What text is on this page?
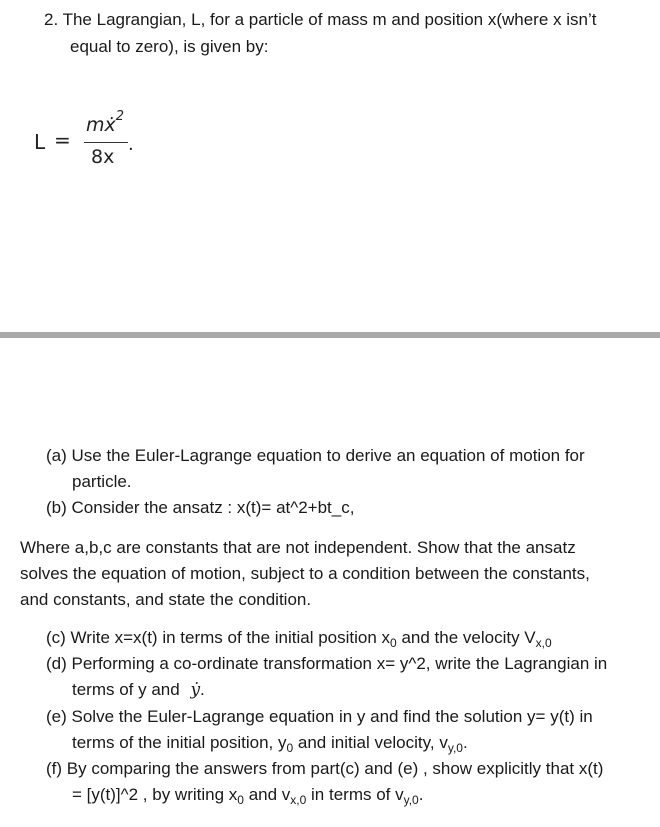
2. The Lagrangian, L, for a particle of mass m and position x(where x isn’t
equal to zero), is given by:
L =
mẋ$^2$
8x
.
(a) Use the Euler-Lagrange equation to derive an equation of motion for
particle.
(b) Consider the ansatz : x(t)= at^2+bt_c,
Where a,b,c are constants that are not independent. Show that the ansatz
solves the equation of motion, subject to a condition between the constants,
and constants, and state the condition.
(c) Write x=x(t) in terms of the initial position $x_0$ and the velocity $V_{x,0}$
(d) Performing a co-ordinate transformation x= y^2, write the Lagrangian in
terms of y and ẏ.
(e) Solve the Euler-Lagrange equation in y and find the solution y= y(t) in
terms of the initial position, $y_0$ and initial velocity, $v_{y,0}$.
(f) By comparing the answers from part(c) and (e) , show explicitly that x(t)
= [y(t)]^2 , by writing $x_0$ and $v_{x,0}$ in terms of $v_{y,0}$.
